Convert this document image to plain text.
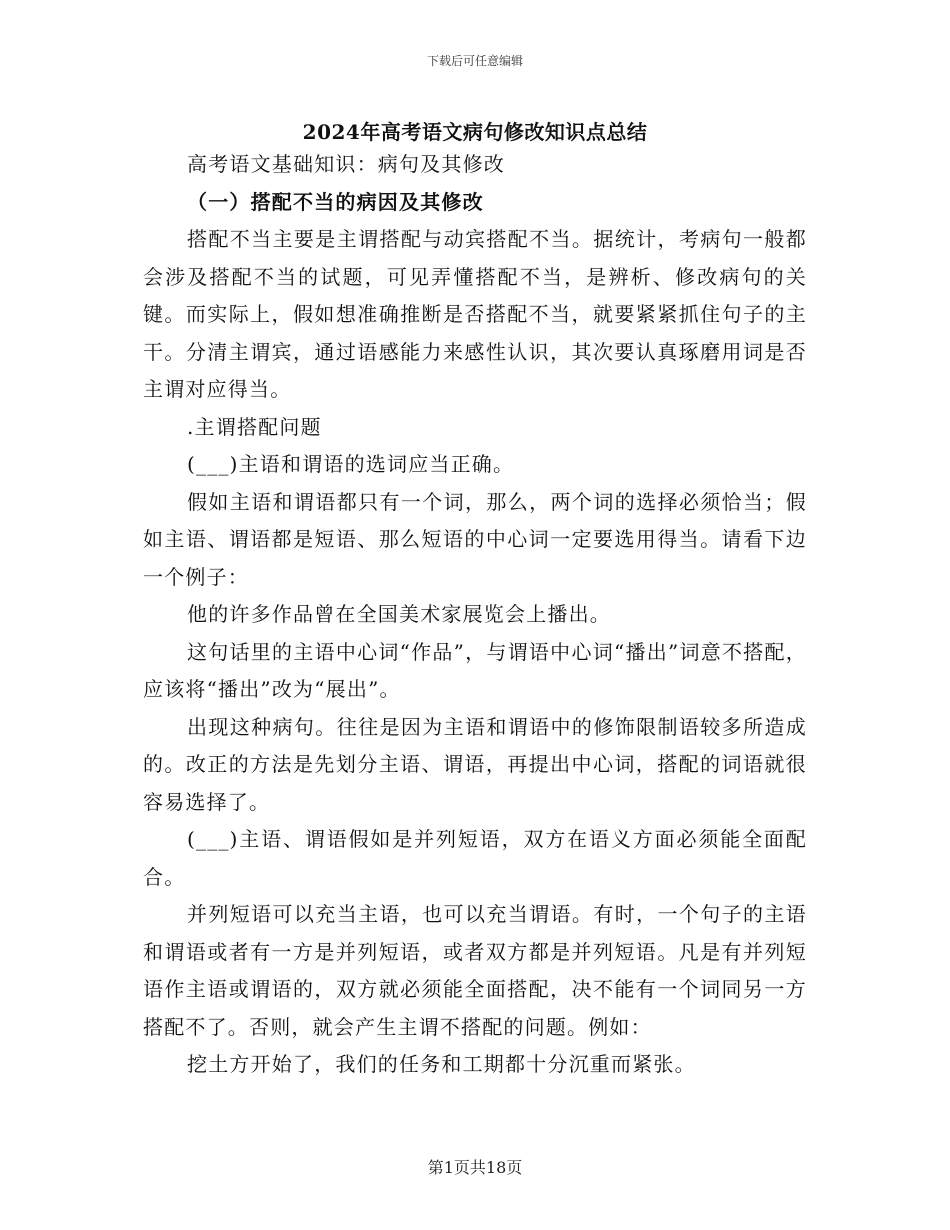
下载后可任意编辑
2024年高考语文病句修改知识点总结

高考语文基础知识：病句及其修改

（一）搭配不当的病因及其修改

搭配不当主要是主谓搭配与动宾搭配不当。据统计，考病句一般都会涉及搭配不当的试题，可见弄懂搭配不当，是辨析、修改病句的关键。而实际上，假如想准确推断是否搭配不当，就要紧紧抓住句子的主干。分清主谓宾，通过语感能力来感性认识，其次要认真琢磨用词是否主谓对应得当。

.主谓搭配问题

(___)主语和谓语的选词应当正确。

假如主语和谓语都只有一个词，那么，两个词的选择必须恰当；假如主语、谓语都是短语、那么短语的中心词一定要选用得当。请看下边一个例子：

他的许多作品曾在全国美术家展览会上播出。

这句话里的主语中心词“作品”，与谓语中心词“播出”词意不搭配，应该将“播出”改为“展出”。

出现这种病句。往往是因为主语和谓语中的修饰限制语较多所造成的。改正的方法是先划分主语、谓语，再提出中心词，搭配的词语就很容易选择了。

(___)主语、谓语假如是并列短语，双方在语义方面必须能全面配合。

并列短语可以充当主语，也可以充当谓语。有时，一个句子的主语和谓语或者有一方是并列短语，或者双方都是并列短语。凡是有并列短语作主语或谓语的，双方就必须能全面搭配，决不能有一个词同另一方搭配不了。否则，就会产生主谓不搭配的问题。例如：

挖土方开始了，我们的任务和工期都十分沉重而紧张。

第1页共18页
